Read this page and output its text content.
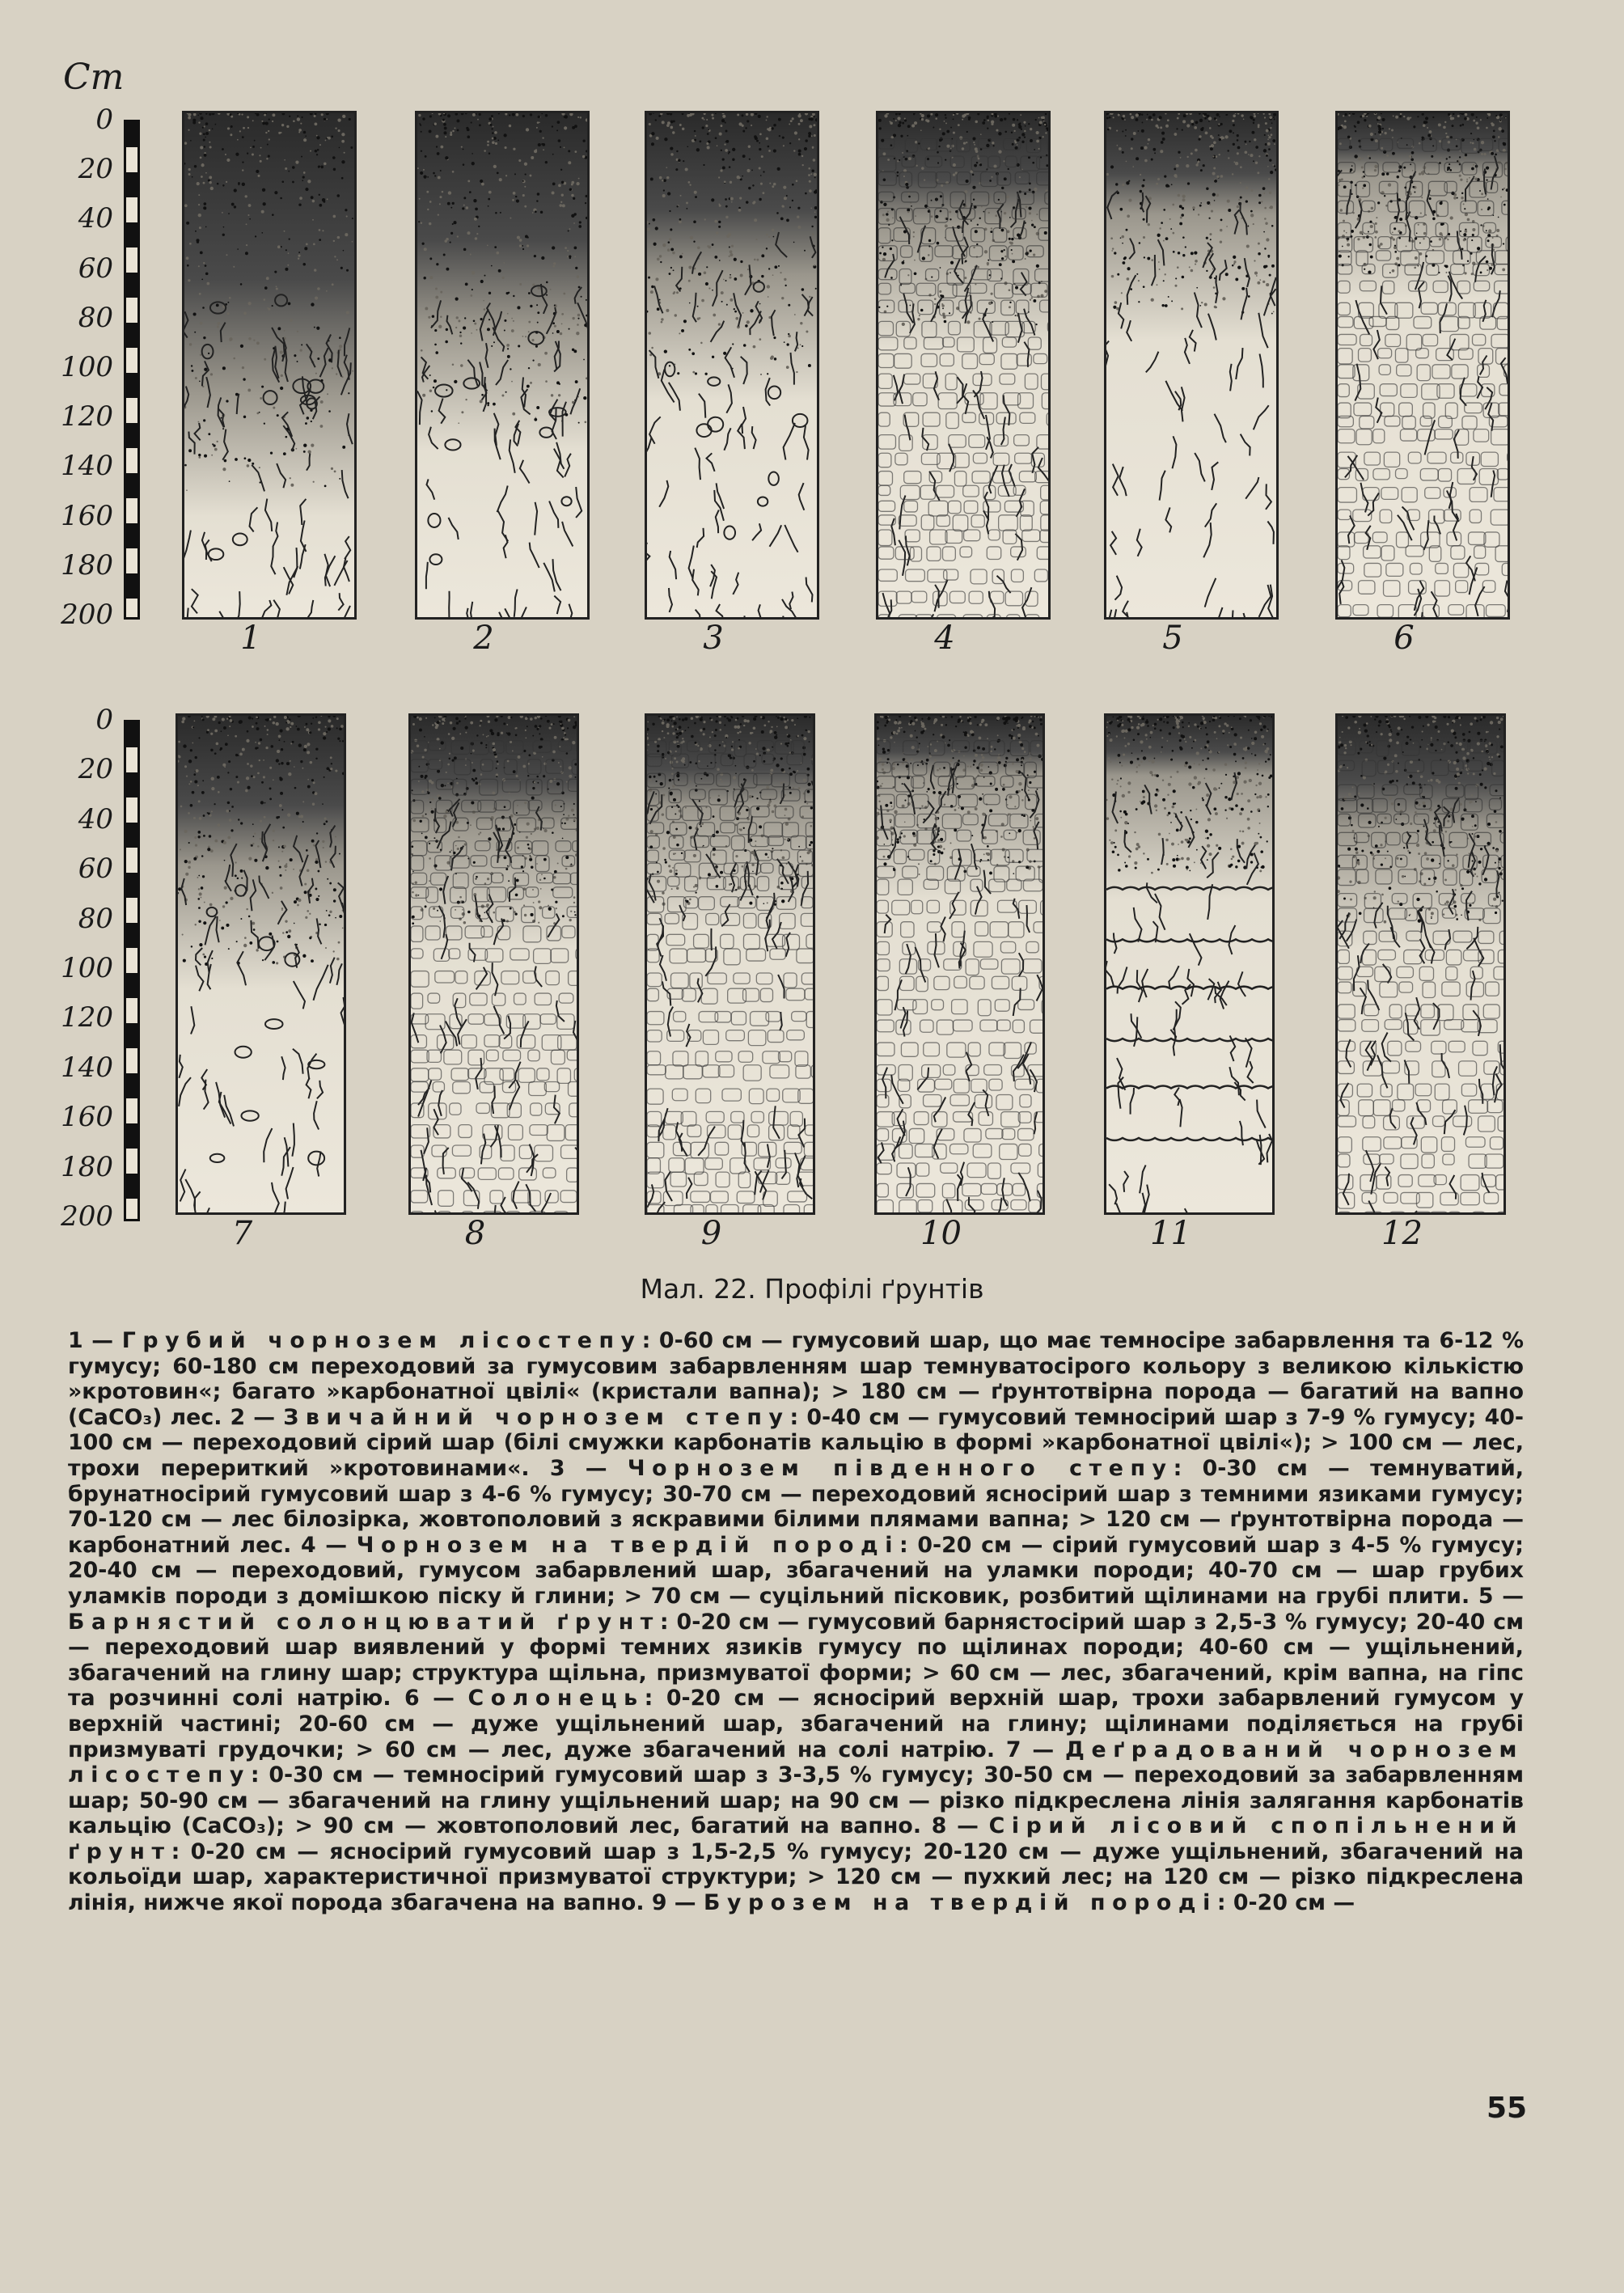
Cm
Мал. 22. Профілі ґрунтів
1 — Грубий чорнозем лісостепу: 0-60 см — гумусовий шар, що має темносіре забарвлення та 6-12 % гумусу; 60-180 см переходовий за гумусовим забарвленням шар темнуватосірого кольору з великою кількістю »кротовин«; багато »карбонатної цвілі« (кристали вапна); > 180 см — ґрунтотвірна порода — багатий на вапно (CaCO₃) лес. 2 — Звичайний чорнозем степу: 0-40 см — гумусовий темносірий шар з 7-9 % гумусу; 40-100 см — переходовий сірий шар (білі смужки карбонатів кальцію в формі »карбонатної цвілі«); > 100 см — лес, трохи перериткий »кротовинами«. 3 — Чорнозем південного степу: 0-30 см — темнуватий, брунатносірий гумусовий шар з 4-6 % гумусу; 30-70 см — переходовий ясносірий шар з темними язиками гумусу; 70-120 см — лес білозірка, жовтополовий з яскравими білими плямами вапна; > 120 см — ґрунтотвірна порода — карбонатний лес. 4 — Чорнозем на твердій породі: 0-20 см — сірий гумусовий шар з 4-5 % гумусу; 20-40 см — переходовий, гумусом забарвлений шар, збагачений на уламки породи; 40-70 см — шар грубих уламків породи з домішкою піску й глини; > 70 см — суцільний пісковик, розбитий щілинами на грубі плити. 5 — Барнястий солонцюватий ґрунт: 0-20 см — гумусовий барнястосірий шар з 2,5-3 % гумусу; 20-40 см — переходовий шар виявлений у формі темних язиків гумусу по щілинах породи; 40-60 см — ущільнений, збагачений на глину шар; структура щільна, призмуватої форми; > 60 см — лес, збагачений, крім вапна, на гіпс та розчинні солі натрію. 6 — Солонець: 0-20 см — ясносірий верхній шар, трохи забарвлений гумусом у верхній частині; 20-60 см — дуже ущільнений шар, збагачений на глину; щілинами поділяється на грубі призмуваті грудочки; > 60 см — лес, дуже збагачений на солі натрію. 7 — Деґрадований чорнозем лісостепу: 0-30 см — темносірий гумусовий шар з 3-3,5 % гумусу; 30-50 см — переходовий за забарвленням шар; 50-90 см — збагачений на глину ущільнений шар; на 90 см — різко підкреслена лінія залягання карбонатів кальцію (CaCO₃); > 90 см — жовтополовий лес, багатий на вапно. 8 — Сірий лісовий спопільнений ґрунт: 0-20 см — ясносірий гумусовий шар з 1,5-2,5 % гумусу; 20-120 см — дуже ущільнений, збагачений на кольоїди шар, характеристичної призмуватої структури; > 120 см — пухкий лес; на 120 см — різко підкреслена лінія, нижче якої порода збагачена на вапно. 9 — Бурозем на твердій породі: 0-20 см —
55
0
20
40
60
80
100
120
140
160
180
200
1	2	3	4	5	6
0
20
40
60
80
100
120
140
160
180
200	7	8	9	10	11	12
